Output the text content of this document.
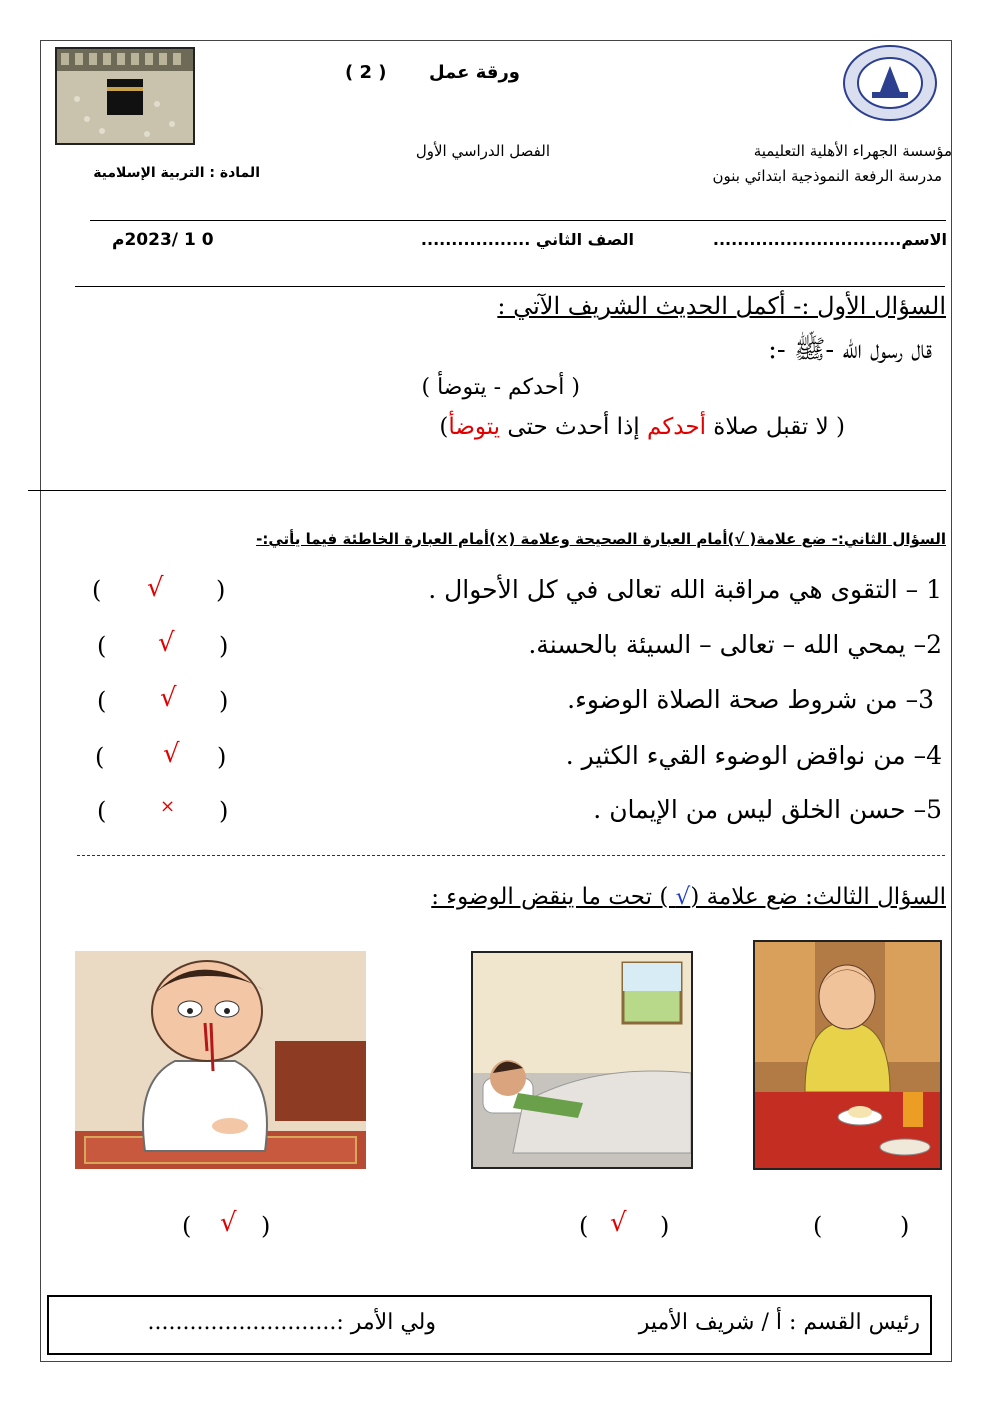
ورقة عمل
( 2 )
مؤسسة الجهراء الأهلية التعليمية
مدرسة الرفعة النموذجية ابتدائي بنون
الفصل الدراسي الأول
المادة : التربية الإسلامية
الاسم...............................
الصف الثاني ..................
0 1 /2023م
السؤال الأول :- أكمل الحديث الشريف الآتي :
قال رسول الله -ﷺ -:
( أحدكم - يتوضأ )
( لا تقبل صلاة أحدكم إذا أحدث حتى يتوضأ)
السؤال الثاني:- ضع علامة( √)أمام العبارة الصحيحة وعلامة (×)أمام العبارة الخاطئة فيما يأتي:-
1 – التقوى هي مراقبة الله تعالى في كل الأحوال .
( √ )
2– يمحي الله – تعالى – السيئة بالحسنة.
( √ )
3– من شروط صحة الصلاة الوضوء.
( √ )
4– من نواقض الوضوء القيء الكثير .
( √ )
5– حسن الخلق ليس من الإيمان .
(	× )
السؤال الثالث: ضع علامة (√ ) تحت ما ينقض الوضوء :
( √ )	( √ )	(	)
رئيس القسم : أ / شريف الأمير
ولي الأمر :...........................
